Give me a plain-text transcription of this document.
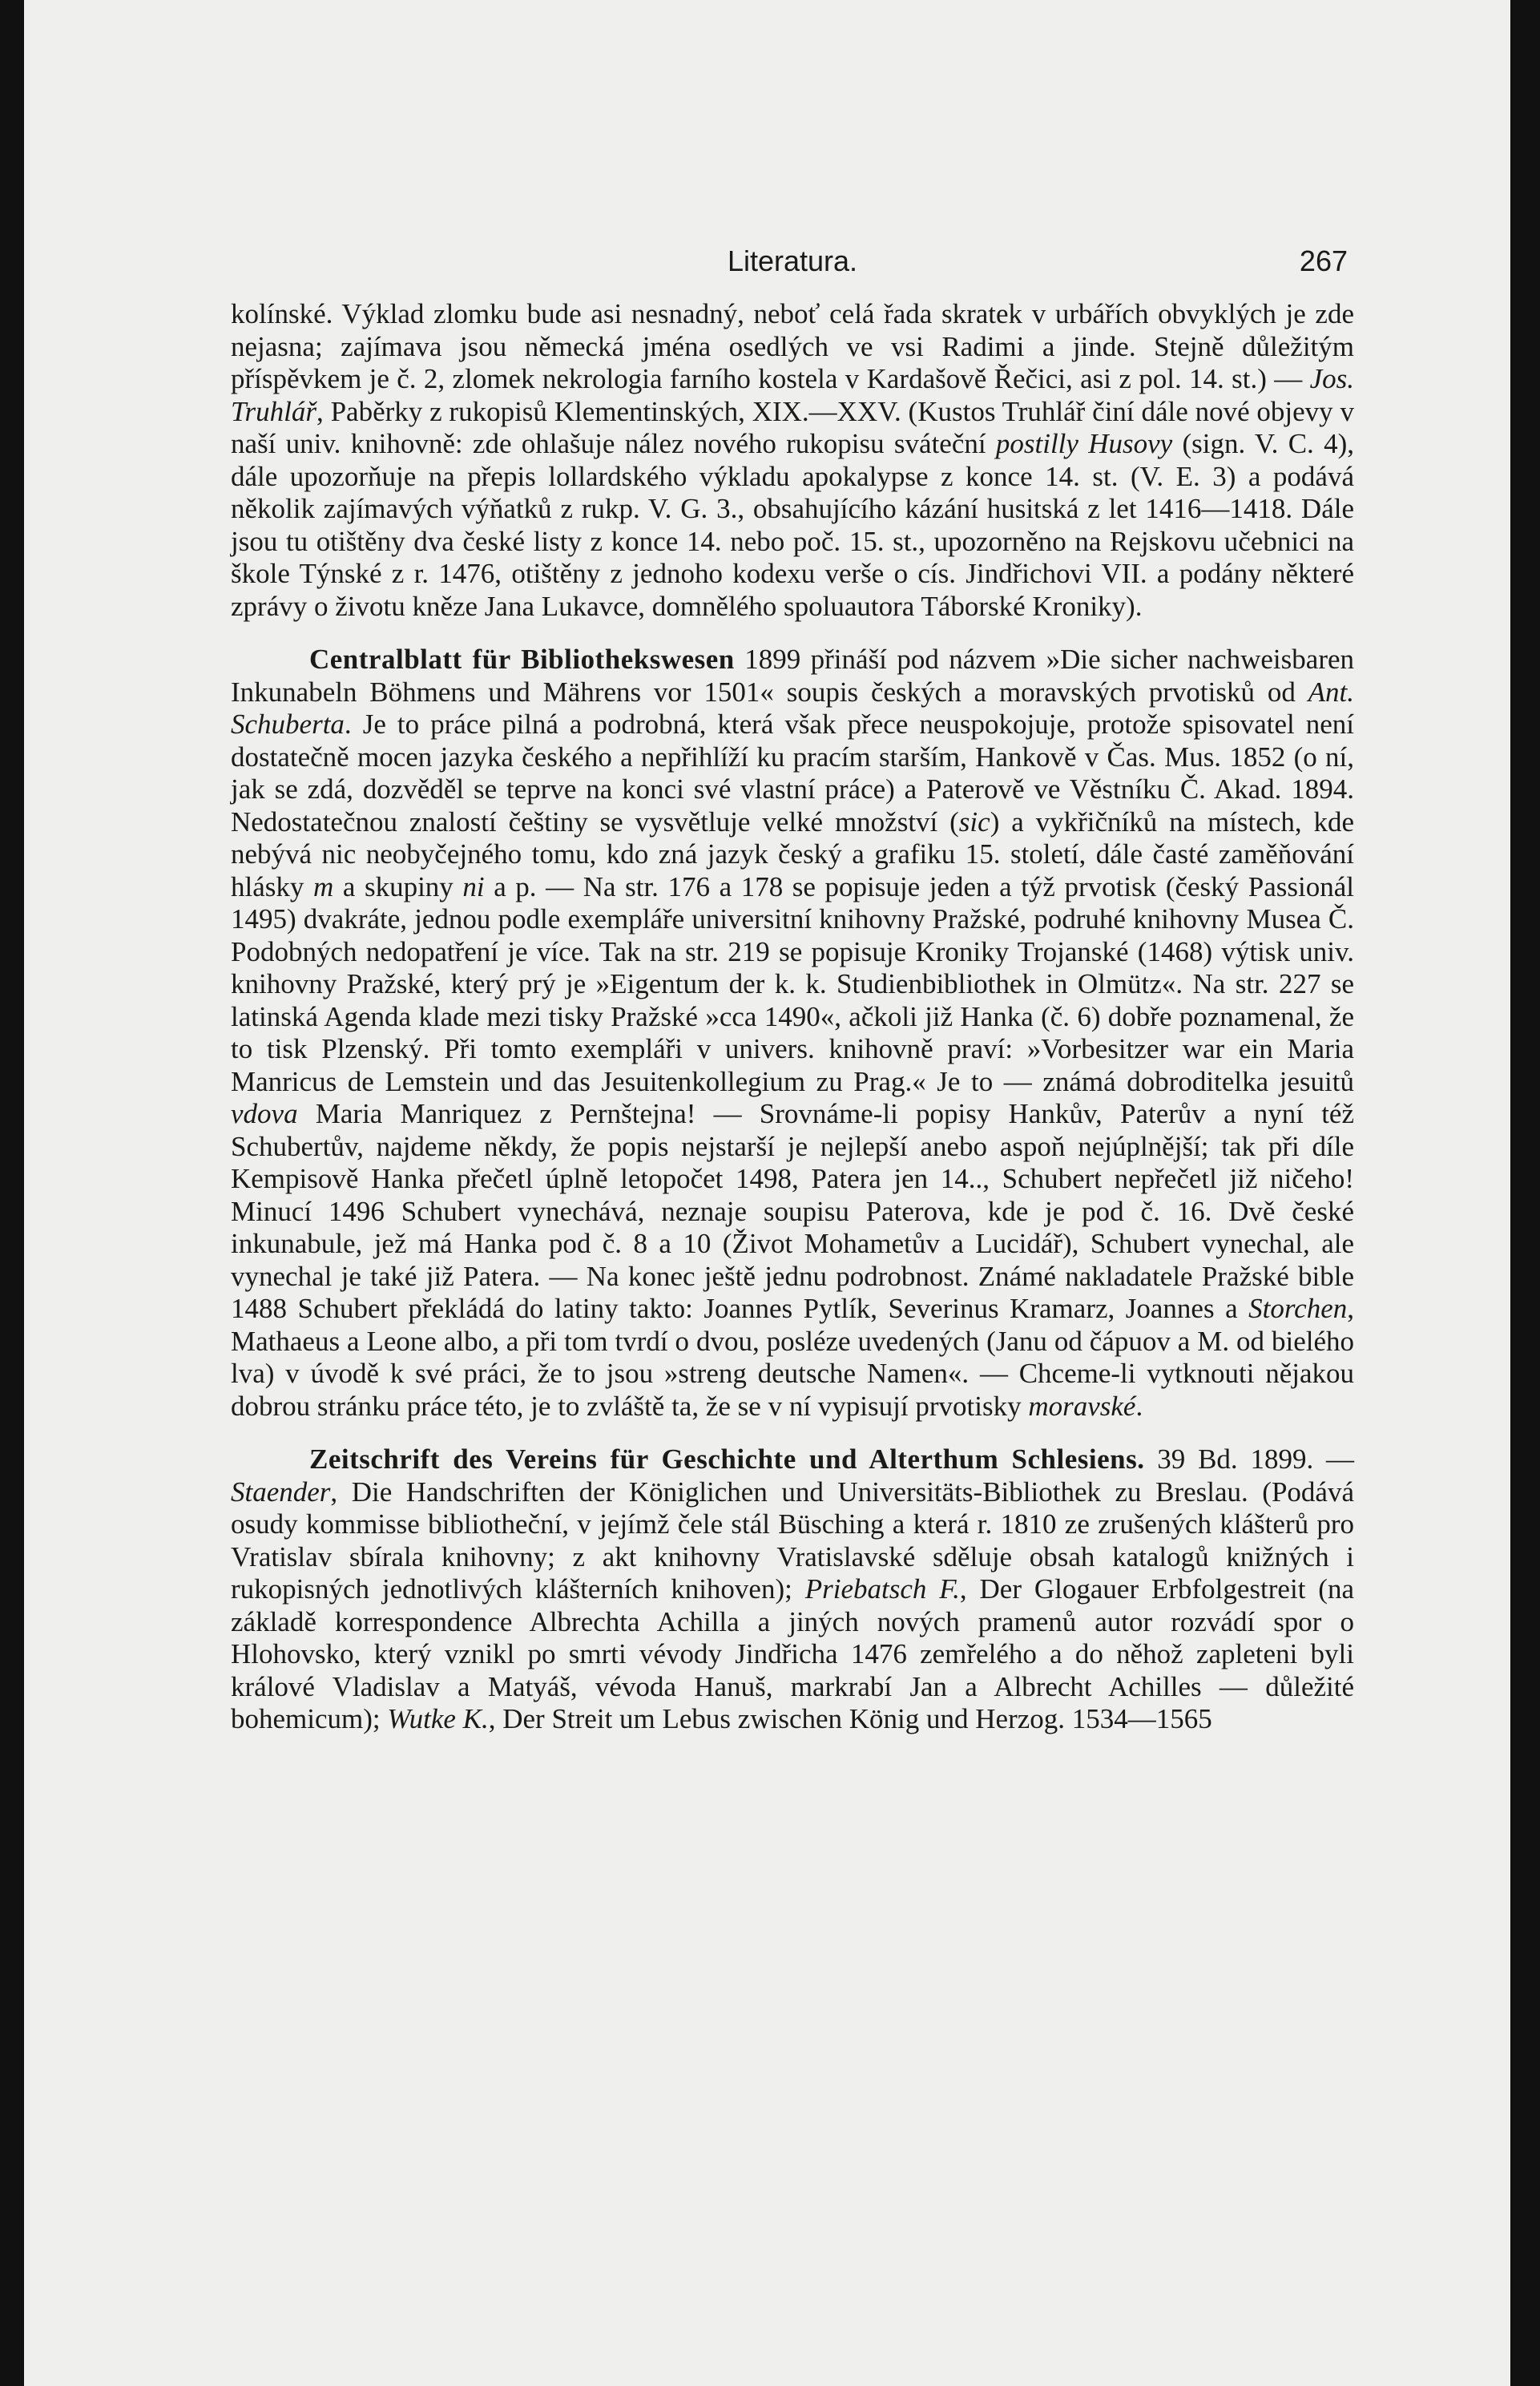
Literatura.	267

kolínské. Výklad zlomku bude asi nesnadný, neboť celá řada skratek v urbářích obvyklých je zde nejasna; zajímava jsou německá jména osedlých ve vsi Radimi a jinde. Stejně důležitým příspěvkem je č. 2, zlomek nekrologia farního kostela v Kardašově Řečici, asi z pol. 14. st.) — Jos. Truhlář, Paběrky z rukopisů Klementinských, XIX.—XXV. (Kustos Truhlář činí dále nové objevy v naší univ. knihovně: zde ohlašuje nález nového rukopisu sváteční postilly Husovy (sign. V. C. 4), dále upozorňuje na přepis lollardského výkladu apokalypse z konce 14. st. (V. E. 3) a podává několik zajímavých výňatků z rukp. V. G. 3., obsahujícího kázání husitská z let 1416—1418. Dále jsou tu otištěny dva české listy z konce 14. nebo poč. 15. st., upozorněno na Rejskovu učebnici na škole Týnské z r. 1476, otištěny z jednoho kodexu verše o cís. Jindřichovi VII. a podány některé zprávy o životu kněze Jana Lukavce, domnělého spoluautora Táborské Kroniky).

Centralblatt für Bibliothekswesen 1899 přináší pod názvem »Die sicher nachweisbaren Inkunabeln Böhmens und Mährens vor 1501« soupis českých a moravských prvotisků od Ant. Schuberta. Je to práce pilná a podrobná, která však přece neuspokojuje, protože spisovatel není dostatečně mocen jazyka českého a nepřihlíží ku pracím starším, Hankově v Čas. Mus. 1852 (o ní, jak se zdá, dozvěděl se teprve na konci své vlastní práce) a Paterově ve Věstníku Č. Akad. 1894. Nedostatečnou znalostí češtiny se vysvětluje velké množství (sic) a vykřičníků na místech, kde nebývá nic neobyčejného tomu, kdo zná jazyk český a grafiku 15. století, dále časté zaměňování hlásky m a skupiny ni a p. — Na str. 176 a 178 se popisuje jeden a týž prvotisk (český Passionál 1495) dvakráte, jednou podle exempláře universitní knihovny Pražské, podruhé knihovny Musea Č. Podobných nedopatření je více. Tak na str. 219 se popisuje Kroniky Trojanské (1468) výtisk univ. knihovny Pražské, který prý je »Eigentum der k. k. Studienbibliothek in Olmütz«. Na str. 227 se latinská Agenda klade mezi tisky Pražské »cca 1490«, ačkoli již Hanka (č. 6) dobře poznamenal, že to tisk Plzenský. Při tomto exempláři v univers. knihovně praví: »Vorbesitzer war ein Maria Manricus de Lemstein und das Jesuitenkollegium zu Prag.« Je to — známá dobroditelka jesuitů vdova Maria Manriquez z Pernštejna! — Srovnáme-li popisy Hankův, Paterův a nyní též Schubertův, najdeme někdy, že popis nejstarší je nejlepší anebo aspoň nejúplnější; tak při díle Kempisově Hanka přečetl úplně letopočet 1498, Patera jen 14.., Schubert nepřečetl již ničeho! Minucí 1496 Schubert vynechává, neznaje soupisu Paterova, kde je pod č. 16. Dvě české inkunabule, jež má Hanka pod č. 8 a 10 (Život Mohametův a Lucidář), Schubert vynechal, ale vynechal je také již Patera. — Na konec ještě jednu podrobnost. Známé nakladatele Pražské bible 1488 Schubert překládá do latiny takto: Joannes Pytlík, Severinus Kramarz, Joannes a Storchen, Mathaeus a Leone albo, a při tom tvrdí o dvou, posléze uvedených (Janu od čápuov a M. od bielého lva) v úvodě k své práci, že to jsou »streng deutsche Namen«. — Chceme-li vytknouti nějakou dobrou stránku práce této, je to zvláště ta, že se v ní vypisují prvotisky moravské.

Zeitschrift des Vereins für Geschichte und Alterthum Schlesiens. 39 Bd. 1899. — Staender, Die Handschriften der Königlichen und Universitäts-Bibliothek zu Breslau. (Podává osudy kommisse bibliotheční, v jejímž čele stál Büsching a která r. 1810 ze zrušených klášterů pro Vratislav sbírala knihovny; z akt knihovny Vratislavské sděluje obsah katalogů knižných i rukopisných jednotlivých klášterních knihoven); Priebatsch F., Der Glogauer Erbfolgestreit (na základě korrespondence Albrechta Achilla a jiných nových pramenů autor rozvádí spor o Hlohovsko, který vznikl po smrti vévody Jindřicha 1476 zemřelého a do něhož zapleteni byli králové Vladislav a Matyáš, vévoda Hanuš, markrabí Jan a Albrecht Achilles — důležité bohemicum); Wutke K., Der Streit um Lebus zwischen König und Herzog. 1534—1565
